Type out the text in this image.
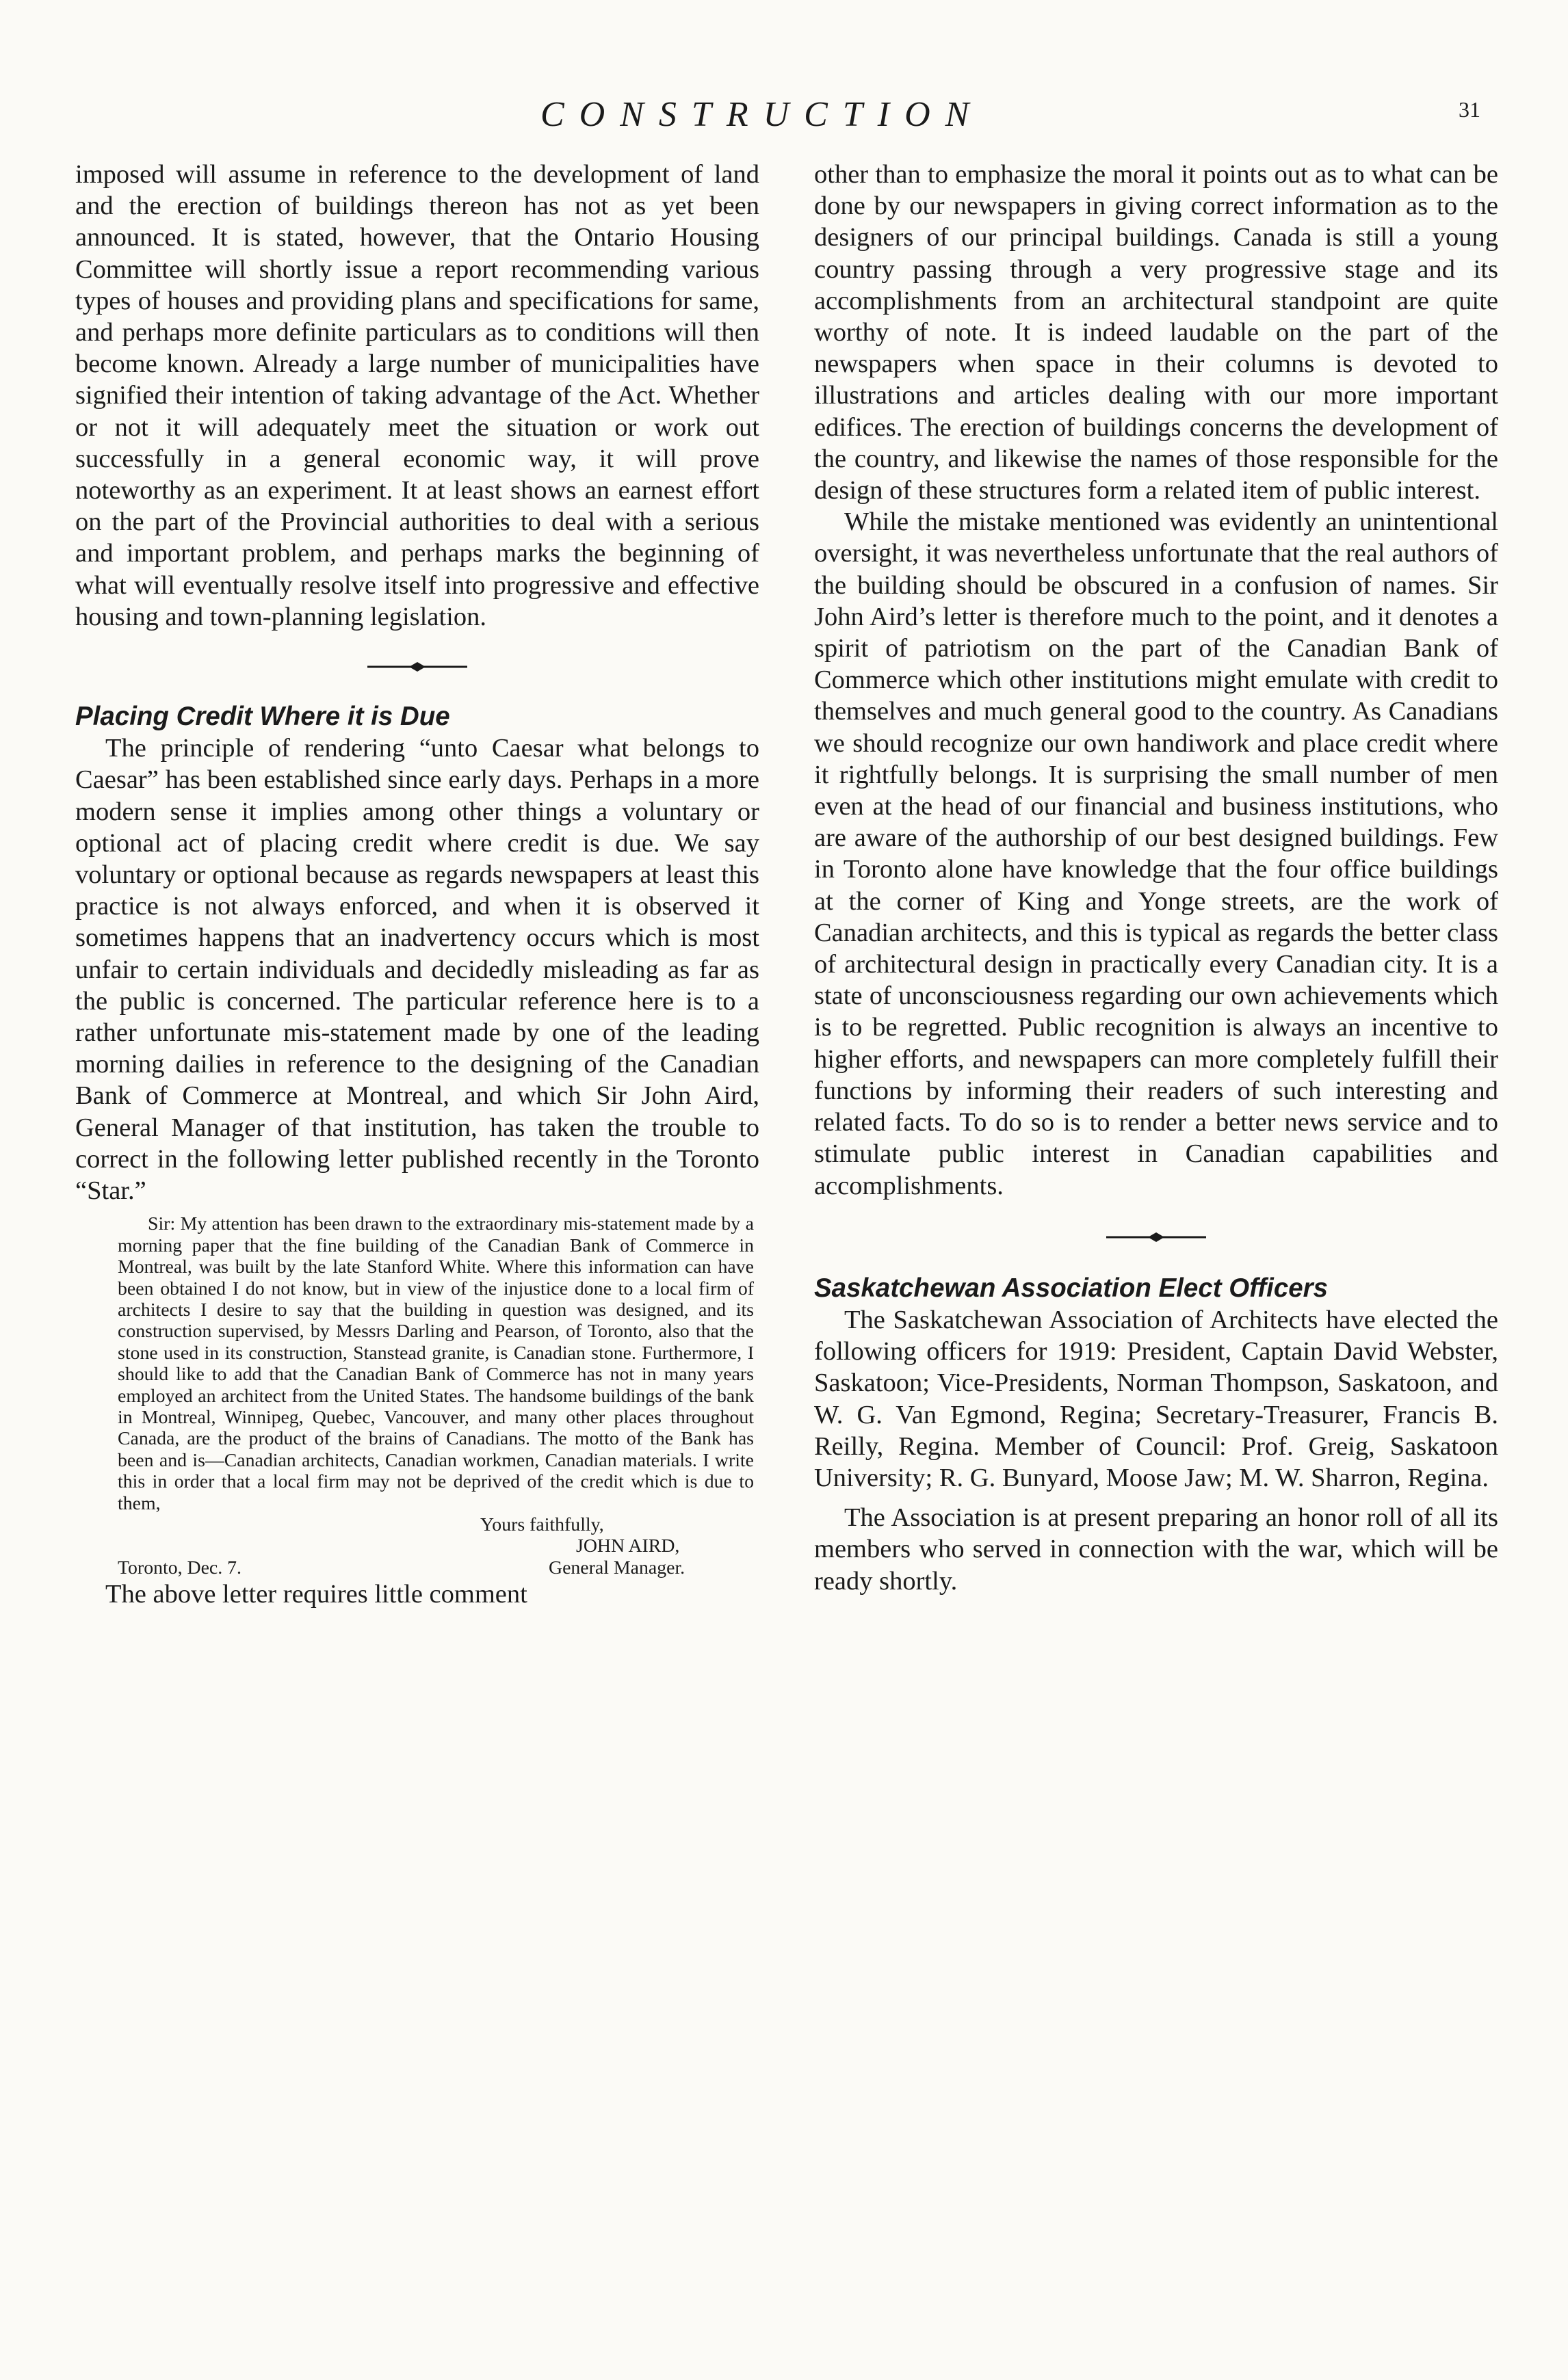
CONSTRUCTION	31

imposed will assume in reference to the development of land and the erection of buildings thereon has not as yet been announced. It is stated, however, that the Ontario Housing Committee will shortly issue a report recommending various types of houses and providing plans and specifications for same, and perhaps more definite particulars as to conditions will then become known. Already a large number of municipalities have signified their intention of taking advantage of the Act. Whether or not it will adequately meet the situation or work out successfully in a general economic way, it will prove noteworthy as an experiment. It at least shows an earnest effort on the part of the Provincial authorities to deal with a serious and important problem, and perhaps marks the beginning of what will eventually resolve itself into progressive and effective housing and town-planning legislation.

Placing Credit Where it is Due

The principle of rendering “unto Caesar what belongs to Caesar” has been established since early days. Perhaps in a more modern sense it implies among other things a voluntary or optional act of placing credit where credit is due. We say voluntary or optional because as regards newspapers at least this practice is not always enforced, and when it is observed it sometimes happens that an inadvertency occurs which is most unfair to certain individuals and decidedly misleading as far as the public is concerned. The particular reference here is to a rather unfortunate mis-statement made by one of the leading morning dailies in reference to the designing of the Canadian Bank of Commerce at Montreal, and which Sir John Aird, General Manager of that institution, has taken the trouble to correct in the following letter published recently in the Toronto “Star.”

Sir: My attention has been drawn to the extraordinary mis-statement made by a morning paper that the fine building of the Canadian Bank of Commerce in Montreal, was built by the late Stanford White. Where this information can have been obtained I do not know, but in view of the injustice done to a local firm of architects I desire to say that the building in question was designed, and its construction supervised, by Messrs Darling and Pearson, of Toronto, also that the stone used in its construction, Stanstead granite, is Canadian stone. Furthermore, I should like to add that the Canadian Bank of Commerce has not in many years employed an architect from the United States. The handsome buildings of the bank in Montreal, Winnipeg, Quebec, Vancouver, and many other places throughout Canada, are the product of the brains of Canadians. The motto of the Bank has been and is—Canadian architects, Canadian workmen, Canadian materials. I write this in order that a local firm may not be deprived of the credit which is due to them,

Yours faithfully,
JOHN AIRD,
Toronto, Dec. 7.	General Manager.

The above letter requires little comment

other than to emphasize the moral it points out as to what can be done by our newspapers in giving correct information as to the designers of our principal buildings. Canada is still a young country passing through a very progressive stage and its accomplishments from an architectural standpoint are quite worthy of note. It is indeed laudable on the part of the newspapers when space in their columns is devoted to illustrations and articles dealing with our more important edifices. The erection of buildings concerns the development of the country, and likewise the names of those responsible for the design of these structures form a related item of public interest.

While the mistake mentioned was evidently an unintentional oversight, it was nevertheless unfortunate that the real authors of the building should be obscured in a confusion of names. Sir John Aird’s letter is therefore much to the point, and it denotes a spirit of patriotism on the part of the Canadian Bank of Commerce which other institutions might emulate with credit to themselves and much general good to the country. As Canadians we should recognize our own handiwork and place credit where it rightfully belongs. It is surprising the small number of men even at the head of our financial and business institutions, who are aware of the authorship of our best designed buildings. Few in Toronto alone have knowledge that the four office buildings at the corner of King and Yonge streets, are the work of Canadian architects, and this is typical as regards the better class of architectural design in practically every Canadian city. It is a state of unconsciousness regarding our own achievements which is to be regretted. Public recognition is always an incentive to higher efforts, and newspapers can more completely fulfill their functions by informing their readers of such interesting and related facts. To do so is to render a better news service and to stimulate public interest in Canadian capabilities and accomplishments.

Saskatchewan Association Elect Officers

The Saskatchewan Association of Architects have elected the following officers for 1919: President, Captain David Webster, Saskatoon; Vice-Presidents, Norman Thompson, Saskatoon, and W. G. Van Egmond, Regina; Secretary-Treasurer, Francis B. Reilly, Regina. Member of Council: Prof. Greig, Saskatoon University; R. G. Bunyard, Moose Jaw; M. W. Sharron, Regina.

The Association is at present preparing an honor roll of all its members who served in connection with the war, which will be ready shortly.
